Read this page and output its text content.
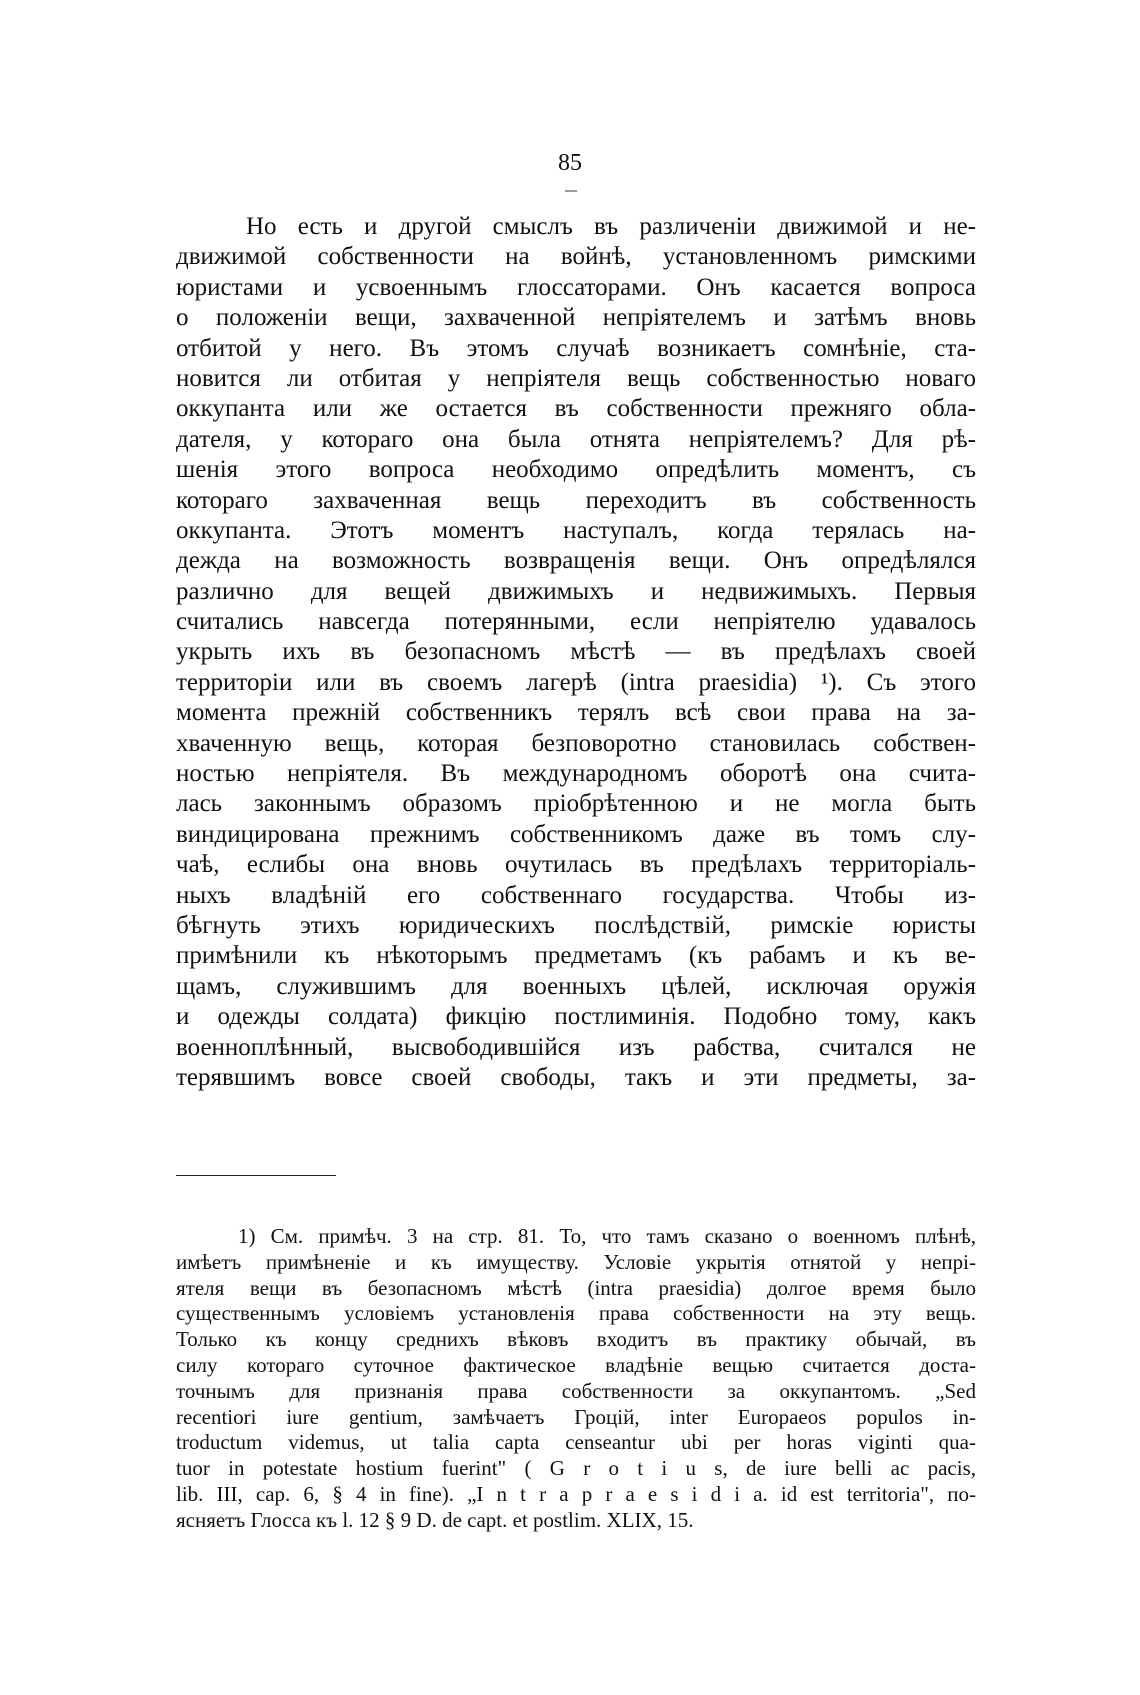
85
Но есть и другой смыслъ въ различеніи движимой и не-
движимой собственности на войнѣ, установленномъ римскими
юристами и усвоеннымъ глоссаторами. Онъ касается вопроса
о положеніи вещи, захваченной непріятелемъ и затѣмъ вновь
отбитой у него. Въ этомъ случаѣ возникаетъ сомнѣніе, ста-
новится ли отбитая у непріятеля вещь собственностью новаго
оккупанта или же остается въ собственности прежняго обла-
дателя, у котораго она была отнята непріятелемъ? Для рѣ-
шенія этого вопроса необходимо опредѣлить моментъ, съ
котораго захваченная вещь переходитъ въ собственность
оккупанта. Этотъ моментъ наступалъ, когда терялась на-
дежда на возможность возвращенія вещи. Онъ опредѣлялся
различно для вещей движимыхъ и недвижимыхъ. Первыя
считались навсегда потерянными, если непріятелю удавалось
укрыть ихъ въ безопасномъ мѣстѣ — въ предѣлахъ своей
территоріи или въ своемъ лагерѣ (intra praesidia) ¹). Съ этого
момента прежній собственникъ терялъ всѣ свои права на за-
хваченную вещь, которая безповоротно становилась собствен-
ностью непріятеля. Въ международномъ оборотѣ она счита-
лась законнымъ образомъ пріобрѣтенною и не могла быть
виндицирована прежнимъ собственникомъ даже въ томъ слу-
чаѣ, еслибы она вновь очутилась въ предѣлахъ территоріаль-
ныхъ владѣній его собственнаго государства. Чтобы из-
бѣгнуть этихъ юридическихъ послѣдствій, римскіе юристы
примѣнили къ нѣкоторымъ предметамъ (къ рабамъ и къ ве-
щамъ, служившимъ для военныхъ цѣлей, исключая оружія
и одежды солдата) фикцію постлиминія. Подобно тому, какъ
военноплѣнный, высвободившійся изъ рабства, считался не
терявшимъ вовсе своей свободы, такъ и эти предметы, за-
1) См. примѣч. 3 на стр. 81. То, что тамъ сказано о военномъ плѣнѣ,
имѣетъ примѣненіе и къ имуществу. Условіе укрытія отнятой у непрі-
ятеля вещи въ безопасномъ мѣстѣ (intra praesidia) долгое время было
существеннымъ условіемъ установленія права собственности на эту вещь.
Только къ концу среднихъ вѣковъ входитъ въ практику обычай, въ
силу котораго суточное фактическое владѣніе вещью считается доста-
точнымъ для признанія права собственности за оккупантомъ. „Sed
recentiori iure gentium, замѣчаетъ Гроцій, inter Europaeos populos in-
troductum videmus, ut talia capta censeantur ubi per horas viginti qua-
tuor in potestate hostium fuerint" ( G r o t i u s, de iure belli ac pacis,
lib. III, cap. 6, § 4 in fine). „I n t r a p r a e s i d i a. id est territoria", по-
ясняетъ Глосса къ l. 12 § 9 D. de capt. et postlim. XLIX, 15.
